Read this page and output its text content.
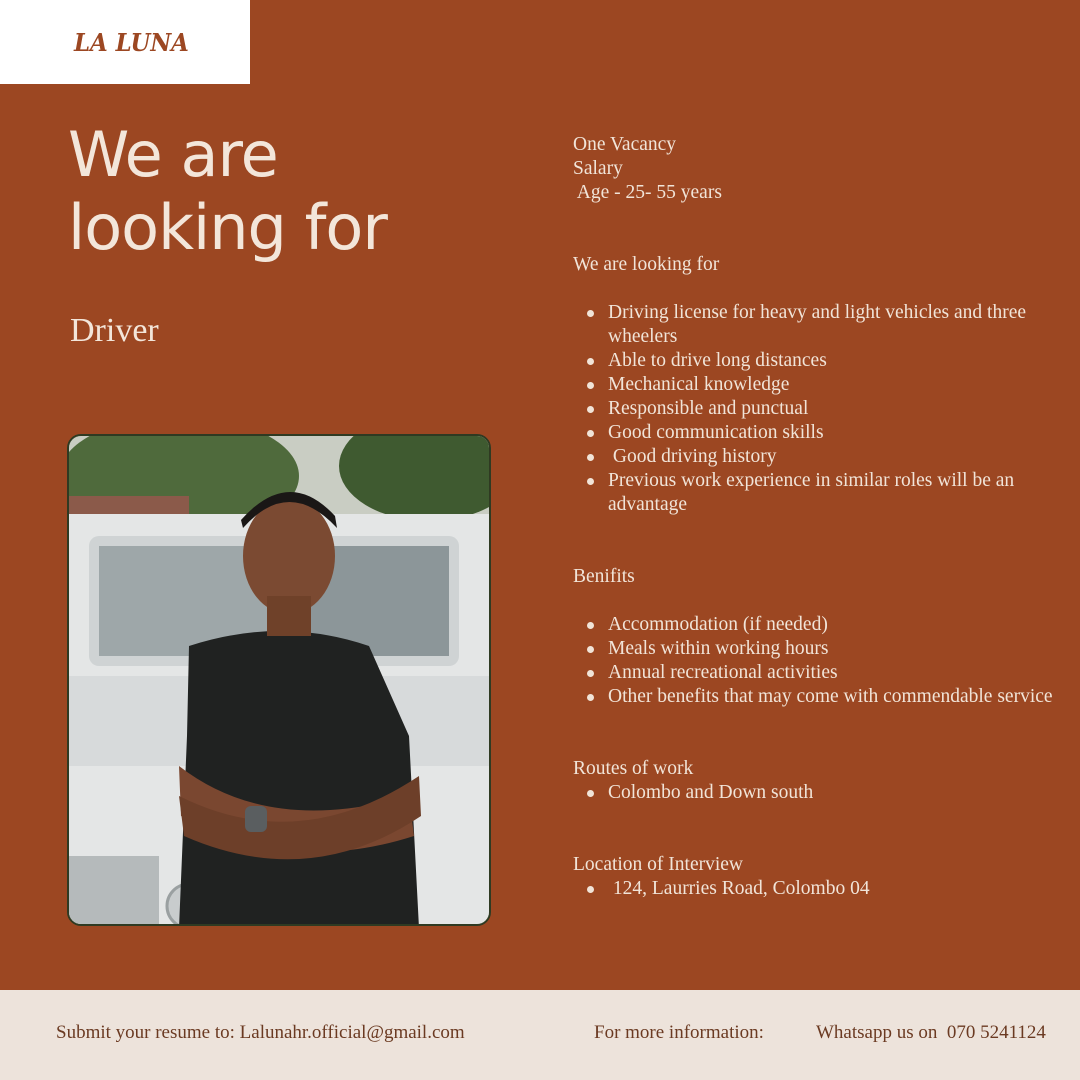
LA LUNA
We are
looking for
Driver

One Vacancy

Salary

Age - 25- 55 years

We are looking for

Driving license for heavy and light vehicles and three wheelers
Able to drive long distances
Mechanical knowledge
Responsible and punctual
Good communication skills
Good driving history
Previous work experience in similar roles will be an advantage

Benifits

Accommodation (if needed)
Meals within working hours
Annual recreational activities
Other benefits that may come with commendable service

Routes of work

Colombo and Down south

Location of Interview

124, Laurries Road, Colombo 04
Submit your resume to: Lalunahr.official@gmail.com	For more information:	Whatsapp us on  070 5241124
